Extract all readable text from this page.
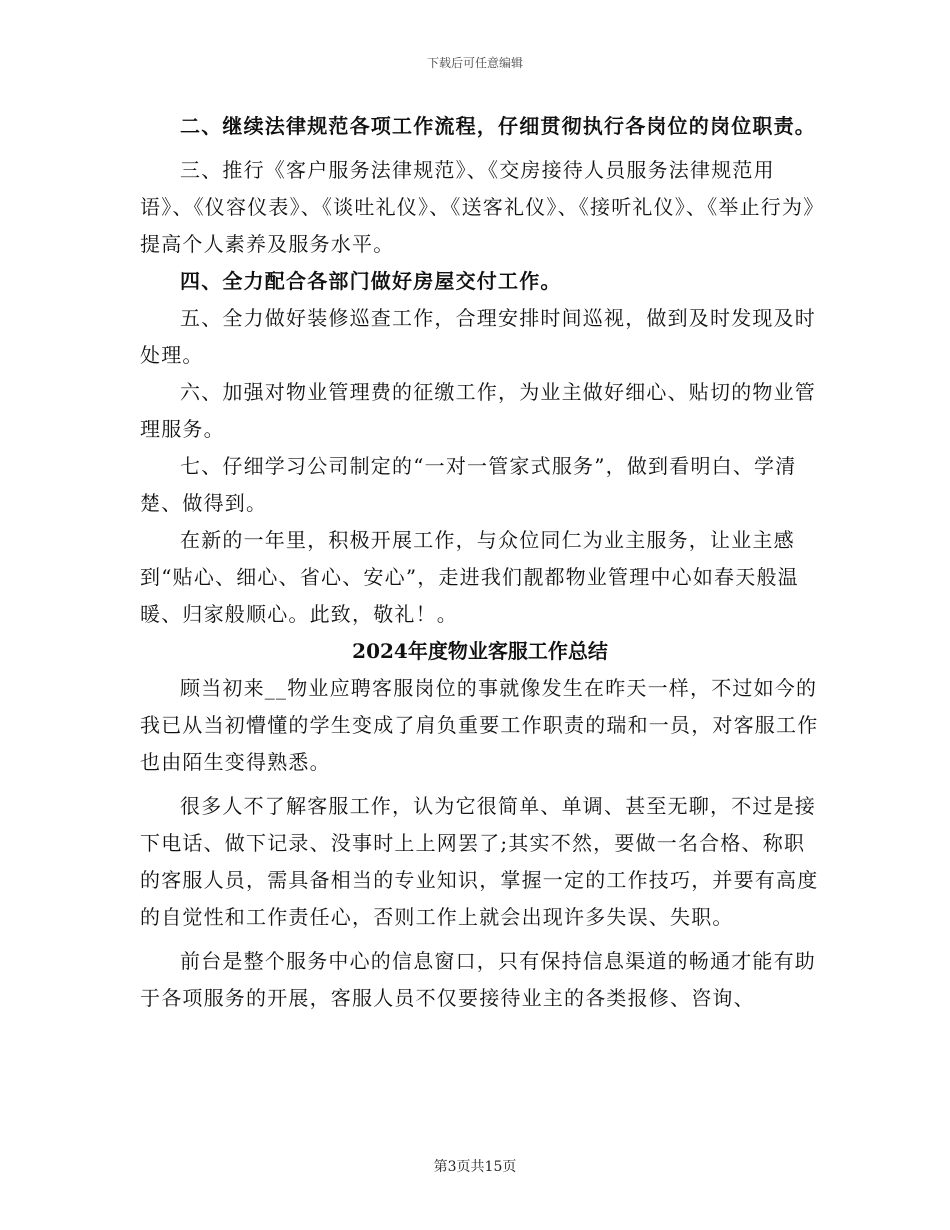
下载后可任意编辑

二、继续法律规范各项工作流程，仔细贯彻执行各岗位的岗位职责。

三、推行《客户服务法律规范》、《交房接待人员服务法律规范用语》、《仪容仪表》、《谈吐礼仪》、《送客礼仪》、《接听礼仪》、《举止行为》提高个人素养及服务水平。

四、全力配合各部门做好房屋交付工作。

五、全力做好装修巡查工作，合理安排时间巡视，做到及时发现及时处理。

六、加强对物业管理费的征缴工作，为业主做好细心、贴切的物业管理服务。

七、仔细学习公司制定的“一对一管家式服务”，做到看明白、学清楚、做得到。

在新的一年里，积极开展工作，与众位同仁为业主服务，让业主感到“贴心、细心、省心、安心”，走进我们靓都物业管理中心如春天般温暖、归家般顺心。此致，敬礼！。

2024年度物业客服工作总结

顾当初来__物业应聘客服岗位的事就像发生在昨天一样，不过如今的我已从当初懵懂的学生变成了肩负重要工作职责的瑞和一员，对客服工作也由陌生变得熟悉。

很多人不了解客服工作，认为它很简单、单调、甚至无聊，不过是接下电话、做下记录、没事时上上网罢了;其实不然，要做一名合格、称职的客服人员，需具备相当的专业知识，掌握一定的工作技巧，并要有高度的自觉性和工作责任心，否则工作上就会出现许多失误、失职。

前台是整个服务中心的信息窗口，只有保持信息渠道的畅通才能有助于各项服务的开展，客服人员不仅要接待业主的各类报修、咨询、

第3页共15页
